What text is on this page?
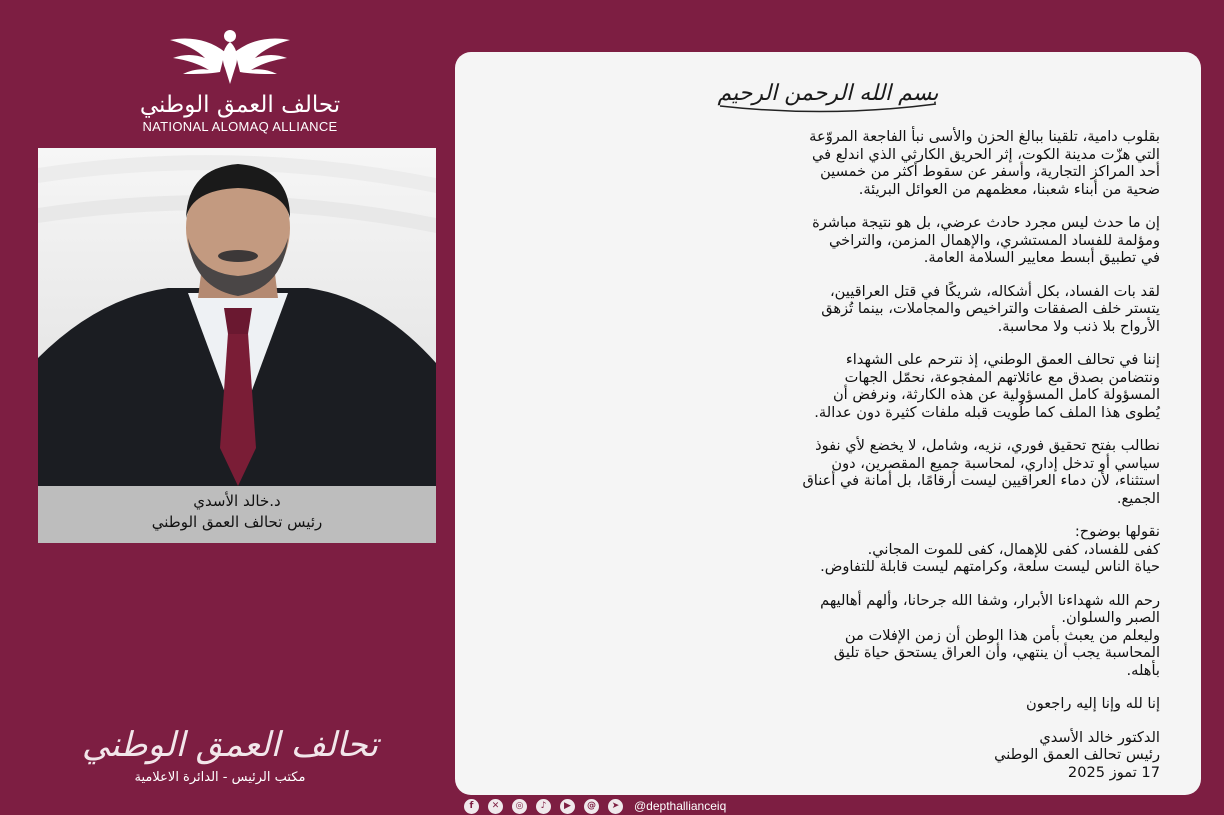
تحالف العمق الوطني
NATIONAL ALOMAQ ALLIANCE
د.خالد الأسدي
رئيس تحالف العمق الوطني
تحالف العمق الوطني
مكتب الرئيس - الدائرة الاعلامية
بسم الله الرحمن الرحيم

بقلوب دامية، تلقينا ببالغ الحزن والأسى نبأ الفاجعة المروّعة
التي هزّت مدينة الكوت، إثر الحريق الكارثي الذي اندلع في
أحد المراكز التجارية، وأسفر عن سقوط أكثر من خمسين
ضحية من أبناء شعبنا، معظمهم من العوائل البريئة.

إن ما حدث ليس مجرد حادث عرضي، بل هو نتيجة مباشرة
ومؤلمة للفساد المستشري، والإهمال المزمن، والتراخي
في تطبيق أبسط معايير السلامة العامة.

لقد بات الفساد، بكل أشكاله، شريكًا في قتل العراقيين،
يتستر خلف الصفقات والتراخيص والمجاملات، بينما تُزهق
الأرواح بلا ذنب ولا محاسبة.

إننا في تحالف العمق الوطني، إذ نترحم على الشهداء
ونتضامن بصدق مع عائلاتهم المفجوعة، نحمّل الجهات
المسؤولة كامل المسؤولية عن هذه الكارثة، ونرفض أن
يُطوى هذا الملف كما طُويت قبله ملفات كثيرة دون عدالة.

نطالب بفتح تحقيق فوري، نزيه، وشامل، لا يخضع لأي نفوذ
سياسي أو تدخل إداري، لمحاسبة جميع المقصرين، دون
استثناء، لأن دماء العراقيين ليست أرقامًا، بل أمانة في أعناق
الجميع.

نقولها بوضوح:
كفى للفساد، كفى للإهمال، كفى للموت المجاني.
حياة الناس ليست سلعة، وكرامتهم ليست قابلة للتفاوض.

رحم الله شهداءنا الأبرار، وشفا الله جرحانا، وألهم أهاليهم
الصبر والسلوان.
وليعلم من يعبث بأمن هذا الوطن أن زمن الإفلات من
المحاسبة يجب أن ينتهي، وأن العراق يستحق حياة تليق
بأهله.

إنا لله وإنا إليه راجعون

الدكتور خالد الأسدي
رئيس تحالف العمق الوطني
17 تموز 2025
f	✕	◎	♪	▶	@	➤	@depthallianceiq
